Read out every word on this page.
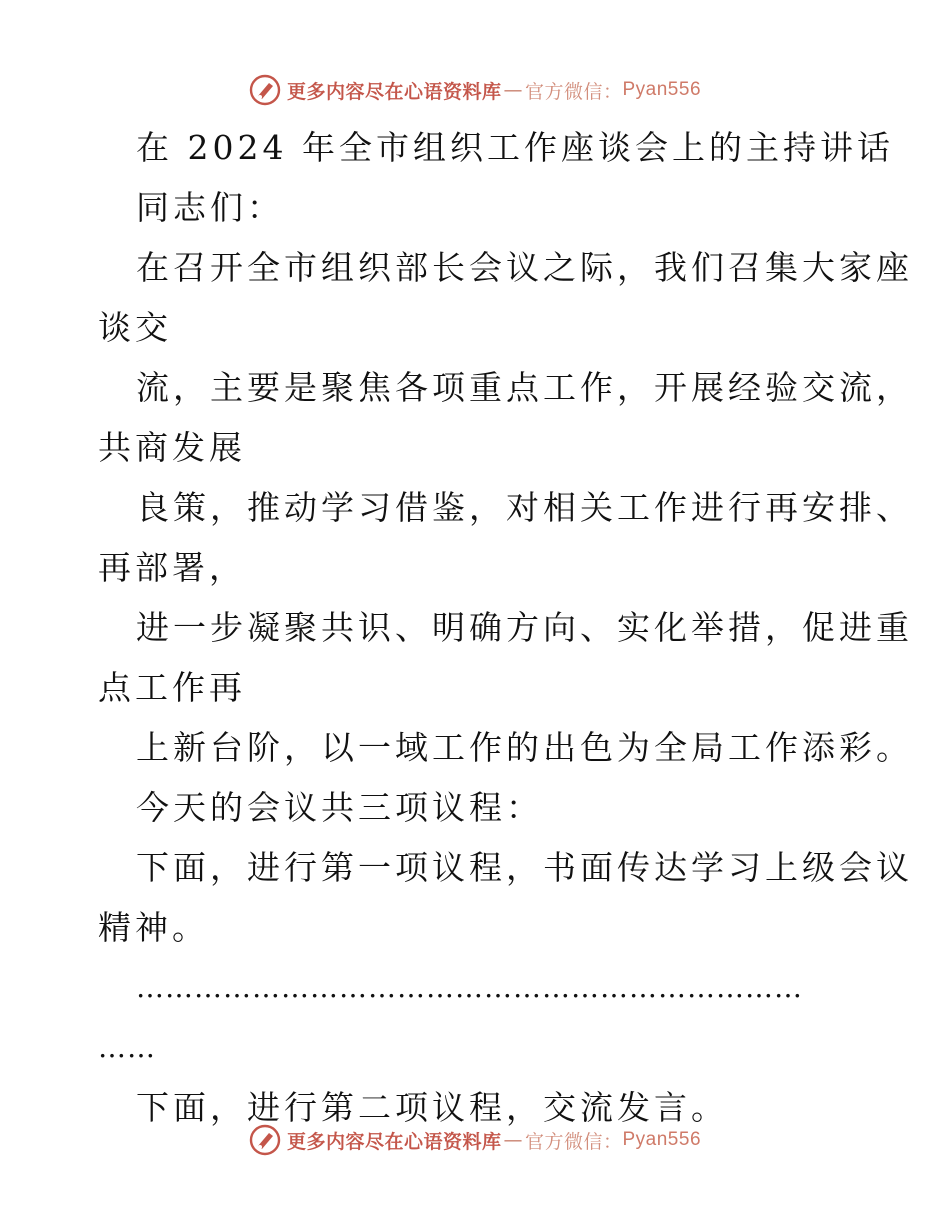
更多内容尽在心语资料库 — 官方微信： Pyan556
在 2024 年全市组织工作座谈会上的主持讲话
同志们：
在召开全市组织部长会议之际，我们召集大家座
谈交
流，主要是聚焦各项重点工作，开展经验交流，
共商发展
良策，推动学习借鉴，对相关工作进行再安排、
再部署，
进一步凝聚共识、明确方向、实化举措，促进重
点工作再
上新台阶，以一域工作的出色为全局工作添彩。
今天的会议共三项议程：
下面，进行第一项议程，书面传达学习上级会议
精神。
……………………………………………………………
……
下面，进行第二项议程，交流发言。
更多内容尽在心语资料库 — 官方微信： Pyan556
